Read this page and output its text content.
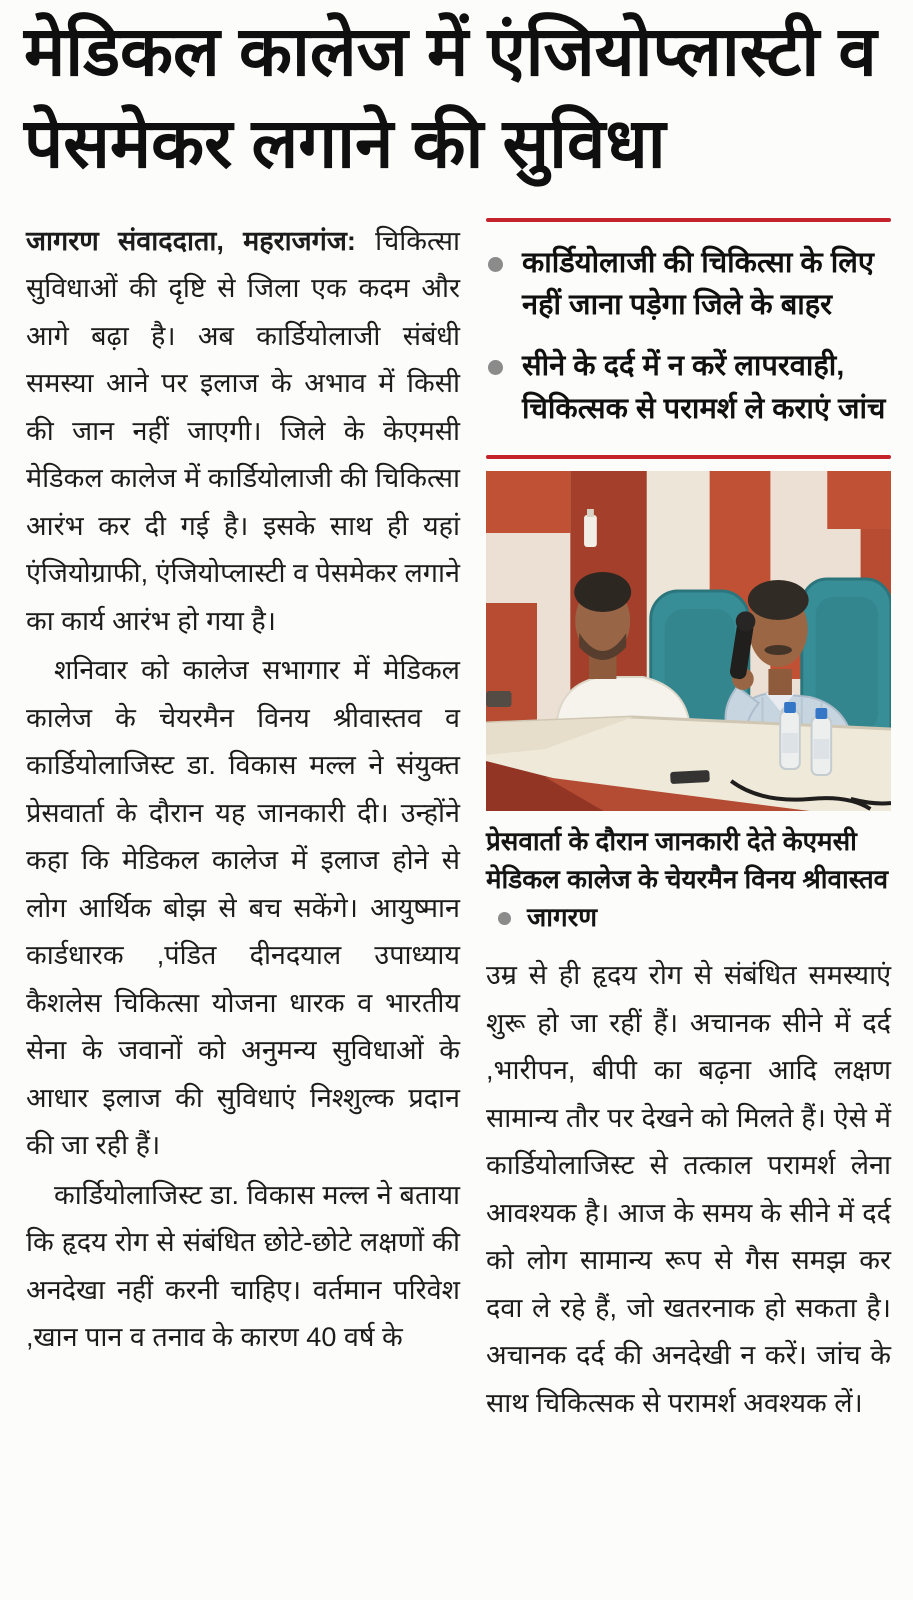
मेडिकल कालेज में एंजियोप्लास्टी व पेसमेकर लगाने की सुविधा

जागरण संवाददाता, महराजगंज: चिकित्सा सुविधाओं की दृष्टि से जिला एक कदम और आगे बढ़ा है। अब कार्डियोलाजी संबंधी समस्या आने पर इलाज के अभाव में किसी की जान नहीं जाएगी। जिले के केएमसी मेडिकल कालेज में कार्डियोलाजी की चिकित्सा आरंभ कर दी गई है। इसके साथ ही यहां एंजियोग्राफी, एंजियोप्लास्टी व पेसमेकर लगाने का कार्य आरंभ हो गया है।

शनिवार को कालेज सभागार में मेडिकल कालेज के चेयरमैन विनय श्रीवास्तव व कार्डियोलाजिस्ट डा. विकास मल्ल ने संयुक्त प्रेसवार्ता के दौरान यह जानकारी दी। उन्होंने कहा कि मेडिकल कालेज में इलाज होने से लोग आर्थिक बोझ से बच सकेंगे। आयुष्मान कार्डधारक ,पंडित दीनदयाल उपाध्याय कैशलेस चिकित्सा योजना धारक व भारतीय सेना के जवानों को अनुमन्य सुविधाओं के आधार इलाज की सुविधाएं निश्शुल्क प्रदान की जा रही हैं।

कार्डियोलाजिस्ट डा. विकास मल्ल ने बताया कि हृदय रोग से संबंधित छोटे-छोटे लक्षणों की अनदेखा नहीं करनी चाहिए। वर्तमान परिवेश ,खान पान व तनाव के कारण 40 वर्ष के

कार्डियोलाजी की चिकित्सा के लिए नहीं जाना पड़ेगा जिले के बाहर
सीने के दर्द में न करें लापरवाही, चिकित्सक से परामर्श ले कराएं जांच

प्रेसवार्ता के दौरान जानकारी देते केएमसी मेडिकल कालेज के चेयरमैन विनय श्रीवास्तवजागरण

उम्र से ही हृदय रोग से संबंधित समस्याएं शुरू हो जा रहीं हैं। अचानक सीने में दर्द ,भारीपन, बीपी का बढ़ना आदि लक्षण सामान्य तौर पर देखने को मिलते हैं। ऐसे में कार्डियोलाजिस्ट से तत्काल परामर्श लेना आवश्यक है। आज के समय के सीने में दर्द को लोग सामान्य रूप से गैस समझ कर दवा ले रहे हैं, जो खतरनाक हो सकता है। अचानक दर्द की अनदेखी न करें। जांच के साथ चिकित्सक से परामर्श अवश्यक लें।
